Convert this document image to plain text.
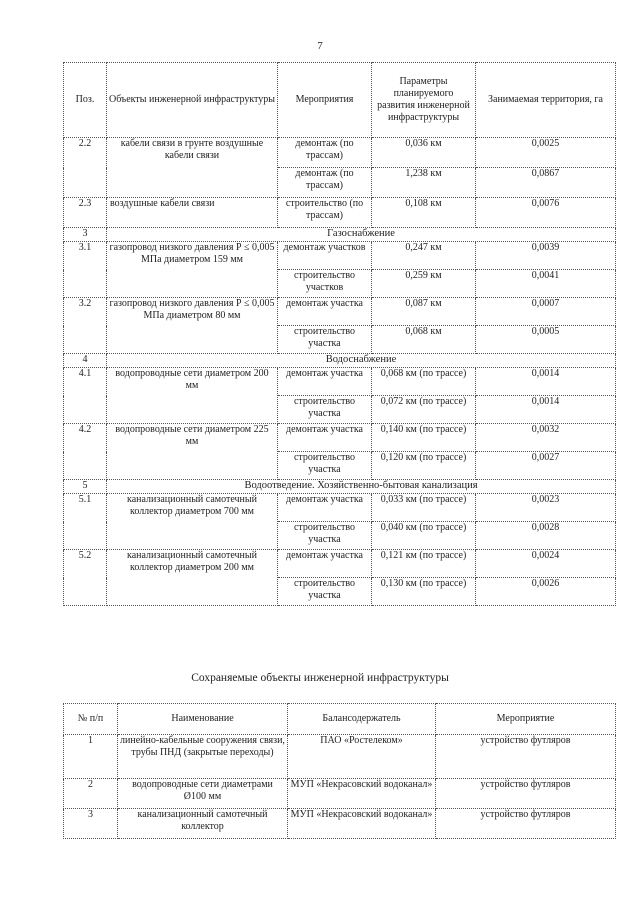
7
Поз.	Объекты инженерной инфраструктуры	Мероприятия	Параметры планируемого развития инженерной инфраструктуры	Занимаемая территория, га
2.2	кабели связи в грунте воздушные кабели связи	демонтаж (по трассам)	0,036 км	0,0025
		демонтаж (по трассам)	1,238 км	0,0867
2.3	воздушные кабели связи	строительство (по трассам)	0,108 км	0,0076
3	Газоснабжение			
3.1	газопровод низкого давления Р ≤ 0,005 МПа диаметром 159 мм	демонтаж участков	0,247 км	0,0039
		строительство участков	0,259 км	0,0041
3.2	газопровод низкого давления Р ≤ 0,005 МПа диаметром 80 мм	демонтаж участка	0,087 км	0,0007
		строительство участка	0,068 км	0,0005
4	Водоснабжение			
4.1	водопроводные сети диаметром 200 мм	демонтаж участка	0,068 км (по трассе)	0,0014
		строительство участка	0,072 км (по трассе)	0,0014
4.2	водопроводные сети диаметром 225 мм	демонтаж участка	0,140 км (по трассе)	0,0032
		строительство участка	0,120 км (по трассе)	0,0027
5	Водоотведение. Хозяйственно-бытовая канализация			
5.1	канализационный самотечный коллектор диаметром 700 мм	демонтаж участка	0,033 км (по трассе)	0,0023
		строительство участка	0,040 км (по трассе)	0,0028
5.2	канализационный самотечный коллектор диаметром 200 мм	демонтаж участка	0,121 км (по трассе)	0,0024
		строительство участка	0,130 км (по трассе)	0,0026
Сохраняемые объекты инженерной инфраструктуры
№ п/п	Наименование	Балансодержатель	Мероприятие
1	линейно-кабельные сооружения связи, трубы ПНД (закрытые переходы)	ПАО «Ростелеком»	устройство футляров
2	водопроводные сети диаметрами Ø100 мм	МУП «Некрасовский водоканал»	устройство футляров
3	канализационный самотечный коллектор	МУП «Некрасовский водоканал»	устройство футляров
